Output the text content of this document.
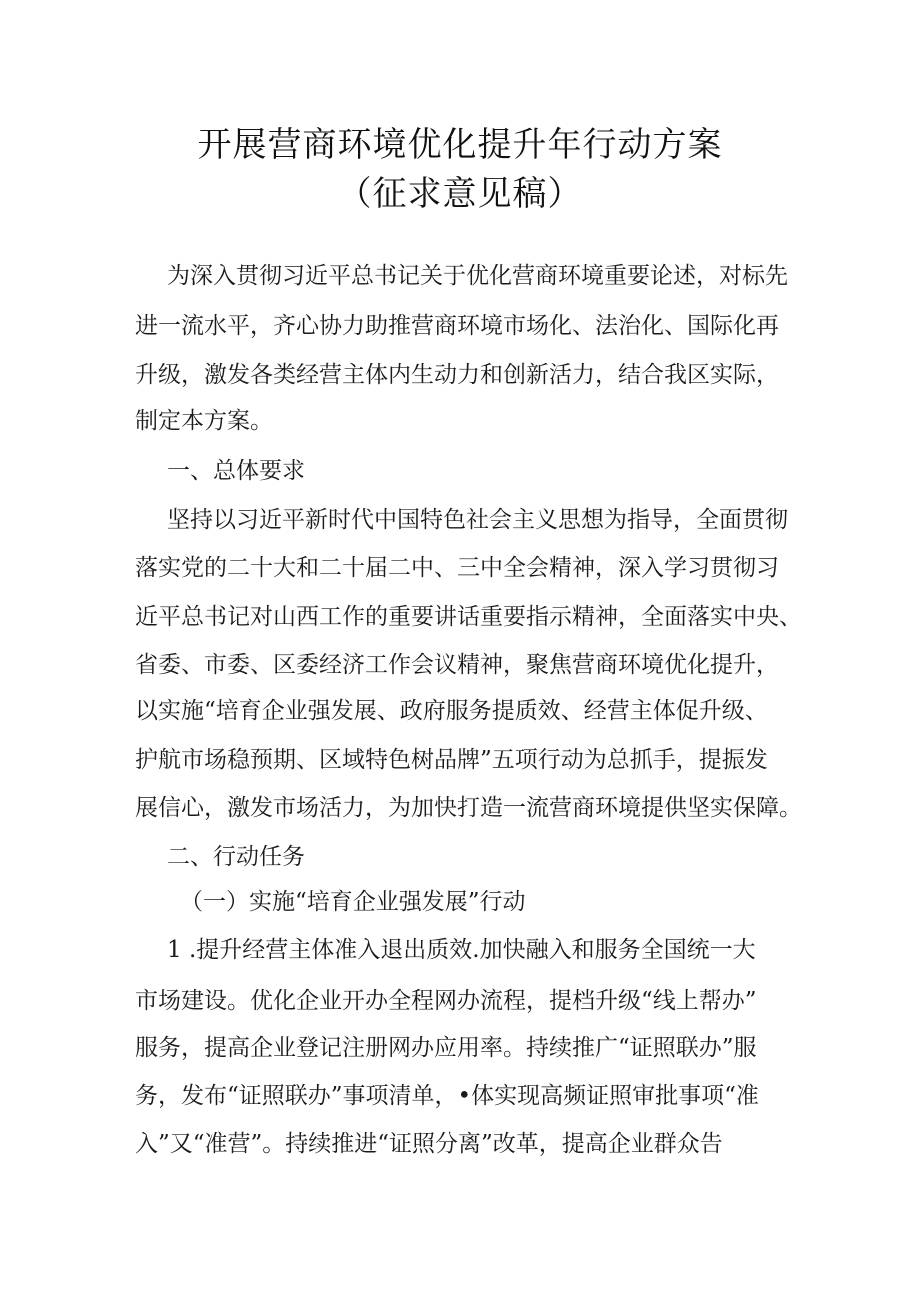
开展营商环境优化提升年行动方案
（征求意见稿）
为深入贯彻习近平总书记关于优化营商环境重要论述，对标先
进一流水平，齐心协力助推营商环境市场化、法治化、国际化再
升级，激发各类经营主体内生动力和创新活力，结合我区实际，
制定本方案。
一、总体要求
坚持以习近平新时代中国特色社会主义思想为指导，全面贯彻
落实党的二十大和二十届二中、三中全会精神，深入学习贯彻习
近平总书记对山西工作的重要讲话重要指示精神，全面落实中央、
省委、市委、区委经济工作会议精神，聚焦营商环境优化提升，
以实施“培育企业强发展、政府服务提质效、经营主体促升级、
护航市场稳预期、区域特色树品牌”五项行动为总抓手，提振发
展信心，激发市场活力，为加快打造一流营商环境提供坚实保障。
二、行动任务
（一）实施“培育企业强发展”行动
1 .提升经营主体准入退出质效.加快融入和服务全国统一大
市场建设。优化企业开办全程网办流程，提档升级“线上帮办”
服务，提高企业登记注册网办应用率。持续推广“证照联办”服
务，发布“证照联办”事项清单，•体实现高频证照审批事项“准
入”又“准营”。持续推进“证照分离”改革，提高企业群众告
